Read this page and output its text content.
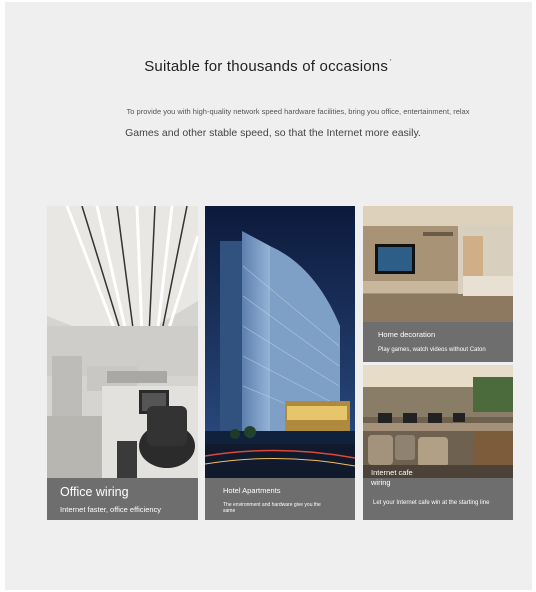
Suitable for thousands of occasions '
To provide you with high-quality network speed hardware facilities, bring you office, entertainment, relax
Games and other stable speed, so that the Internet more easily.
Office wiring
Internet faster, office efficiency
Hotel Apartments
The environment and hardware give you the same
Home decoration
Play games, watch videos without Caton
Internet cafe wiring
Let your Internet cafe win at the starting line
